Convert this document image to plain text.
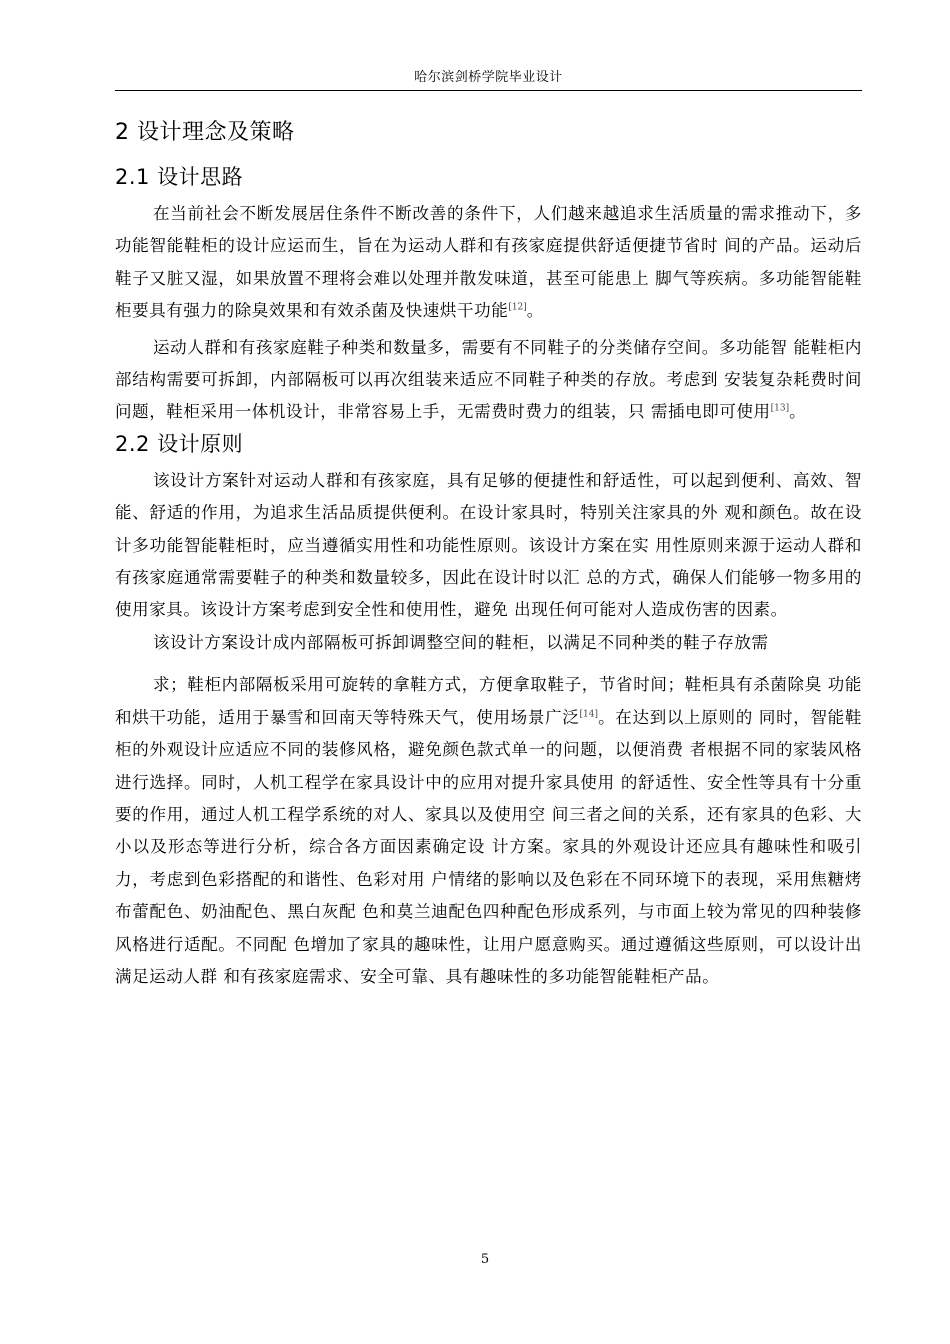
哈尔滨剑桥学院毕业设计
2 设计理念及策略
2.1 设计思路

在当前社会不断发展居住条件不断改善的条件下，人们越来越追求生活质量的需求推动下，多功能智能鞋柜的设计应运而生，旨在为运动人群和有孩家庭提供舒适便捷节省时 间的产品。运动后鞋子又脏又湿，如果放置不理将会难以处理并散发味道，甚至可能患上 脚气等疾病。多功能智能鞋柜要具有强力的除臭效果和有效杀菌及快速烘干功能[12]。

运动人群和有孩家庭鞋子种类和数量多，需要有不同鞋子的分类储存空间。多功能智 能鞋柜内部结构需要可拆卸，内部隔板可以再次组装来适应不同鞋子种类的存放。考虑到 安装复杂耗费时间问题，鞋柜采用一体机设计，非常容易上手，无需费时费力的组装，只 需插电即可使用[13]。

2.2 设计原则

该设计方案针对运动人群和有孩家庭，具有足够的便捷性和舒适性，可以起到便利、高效、智能、舒适的作用，为追求生活品质提供便利。在设计家具时，特别关注家具的外 观和颜色。故在设计多功能智能鞋柜时，应当遵循实用性和功能性原则。该设计方案在实 用性原则来源于运动人群和有孩家庭通常需要鞋子的种类和数量较多，因此在设计时以汇 总的方式，确保人们能够一物多用的使用家具。该设计方案考虑到安全性和使用性，避免 出现任何可能对人造成伤害的因素。

该设计方案设计成内部隔板可拆卸调整空间的鞋柜，以满足不同种类的鞋子存放需
求；鞋柜内部隔板采用可旋转的拿鞋方式，方便拿取鞋子，节省时间；鞋柜具有杀菌除臭 功能和烘干功能，适用于暴雪和回南天等特殊天气，使用场景广泛[14]。在达到以上原则的 同时，智能鞋柜的外观设计应适应不同的装修风格，避免颜色款式单一的问题，以便消费 者根据不同的家装风格进行选择。同时，人机工程学在家具设计中的应用对提升家具使用 的舒适性、安全性等具有十分重要的作用，通过人机工程学系统的对人、家具以及使用空 间三者之间的关系，还有家具的色彩、大小以及形态等进行分析，综合各方面因素确定设 计方案。家具的外观设计还应具有趣味性和吸引力，考虑到色彩搭配的和谐性、色彩对用 户情绪的影响以及色彩在不同环境下的表现，采用焦糖烤布蕾配色、奶油配色、黑白灰配 色和莫兰迪配色四种配色形成系列，与市面上较为常见的四种装修风格进行适配。不同配 色增加了家具的趣味性，让用户愿意购买。通过遵循这些原则，可以设计出满足运动人群 和有孩家庭需求、安全可靠、具有趣味性的多功能智能鞋柜产品。

5
